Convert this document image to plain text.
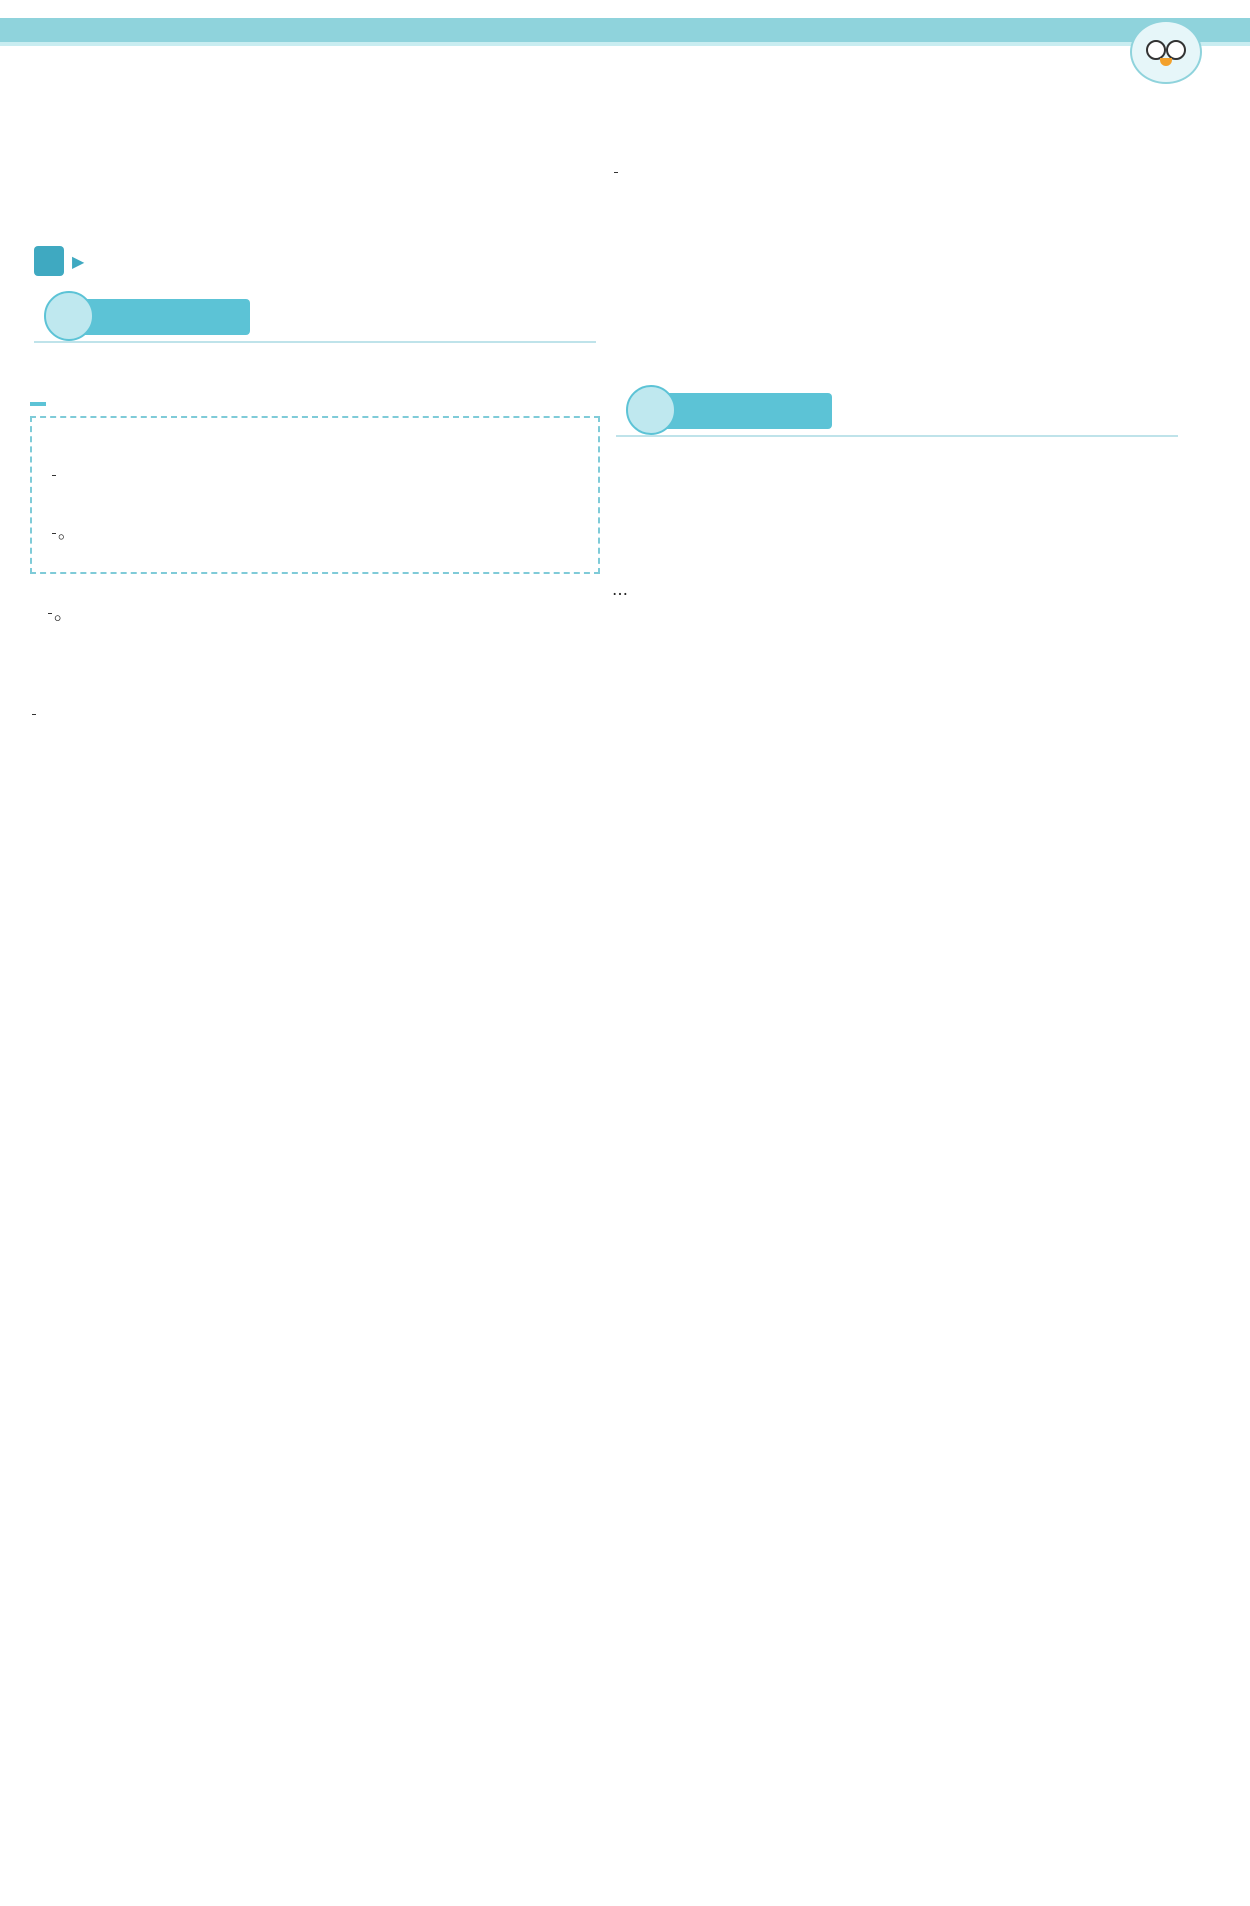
▶

。

。

…
